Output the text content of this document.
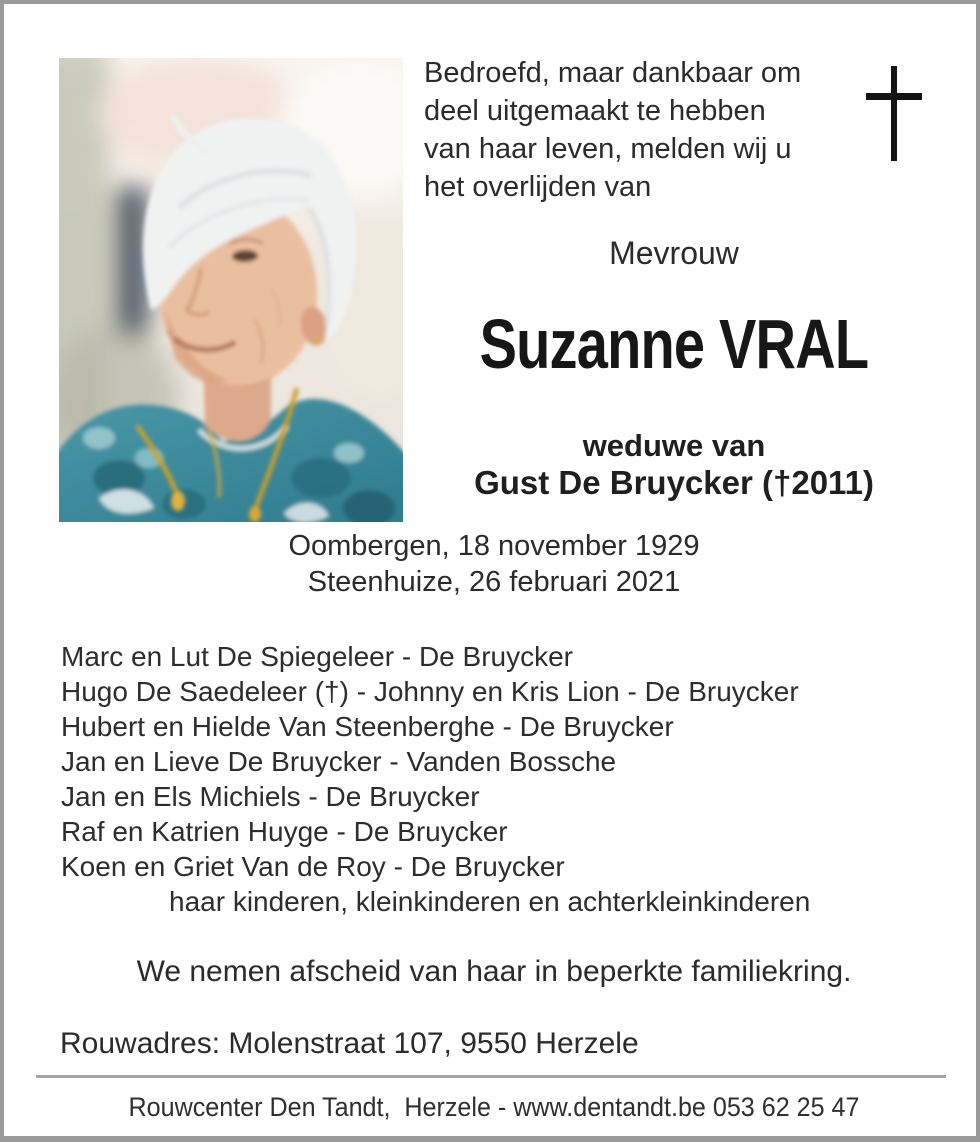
Bedroefd, maar dankbaar om
deel uitgemaakt te hebben
van haar leven, melden wij u
het overlijden van
Mevrouw
Suzanne VRAL
weduwe van
Gust De Bruycker (†2011)
Oombergen, 18 november 1929
Steenhuize, 26 februari 2021
Marc en Lut De Spiegeleer - De Bruycker
Hugo De Saedeleer (†) - Johnny en Kris Lion - De Bruycker
Hubert en Hielde Van Steenberghe - De Bruycker
Jan en Lieve De Bruycker - Vanden Bossche
Jan en Els Michiels - De Bruycker
Raf en Katrien Huyge - De Bruycker
Koen en Griet Van de Roy - De Bruycker
haar kinderen, kleinkinderen en achterkleinkinderen
We nemen afscheid van haar in beperkte familiekring.
Rouwadres: Molenstraat 107, 9550 Herzele
Rouwcenter Den Tandt,  Herzele - www.dentandt.be 053 62 25 47
